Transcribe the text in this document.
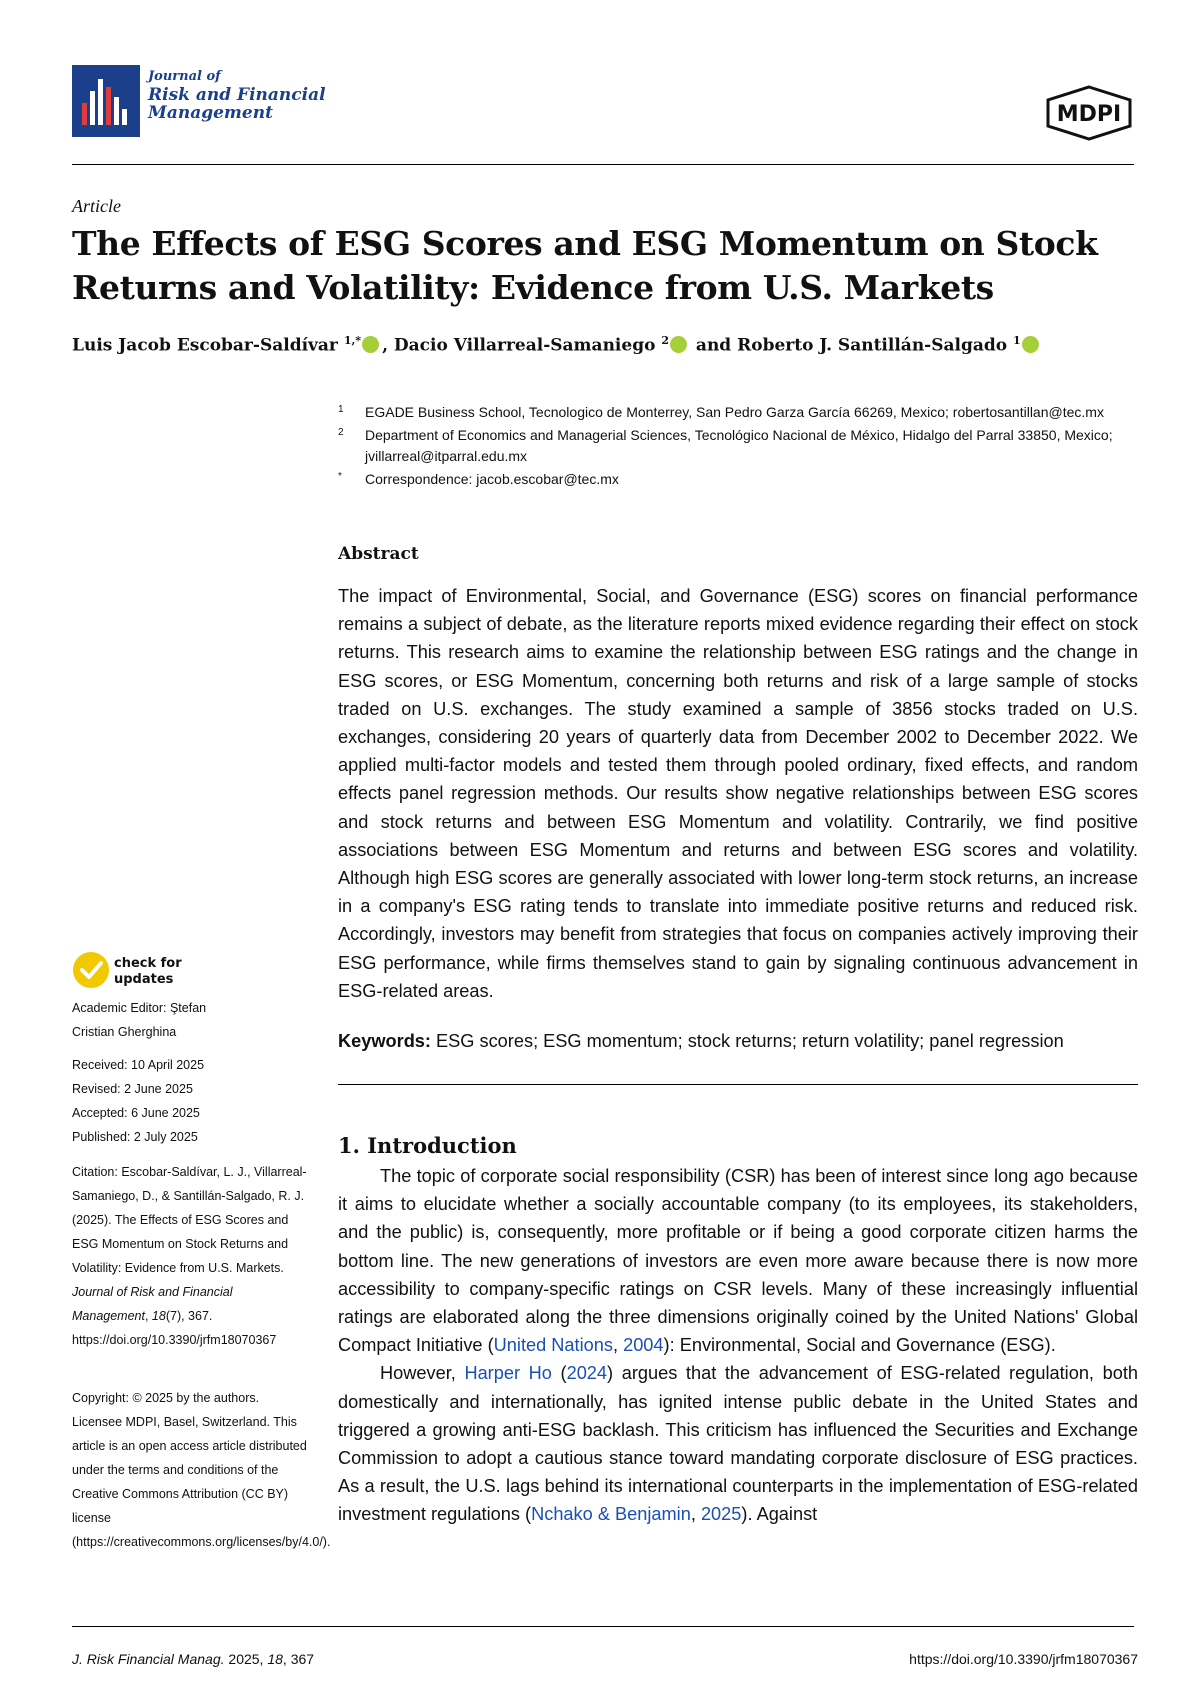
Journal of
Risk and Financial
Management	MDPI
Article
The Effects of ESG Scores and ESG Momentum on Stock Returns and Volatility: Evidence from U.S. Markets
Luis Jacob Escobar-Saldívar $^{1,*}$ , Dacio Villarreal-Samaniego $^2$ and Roberto J. Santillán-Salgado $^1$
1 EGADE Business School, Tecnologico de Monterrey, San Pedro Garza García 66269, Mexico; robertosantillan@tec.mx
2 Department of Economics and Managerial Sciences, Tecnológico Nacional de México, Hidalgo del Parral 33850, Mexico; jvillarreal@itparral.edu.mx
* Correspondence: jacob.escobar@tec.mx
Abstract
The impact of Environmental, Social, and Governance (ESG) scores on financial performance remains a subject of debate, as the literature reports mixed evidence regarding their effect on stock returns. This research aims to examine the relationship between ESG ratings and the change in ESG scores, or ESG Momentum, concerning both returns and risk of a large sample of stocks traded on U.S. exchanges. The study examined a sample of 3856 stocks traded on U.S. exchanges, considering 20 years of quarterly data from December 2002 to December 2022. We applied multi-factor models and tested them through pooled ordinary, fixed effects, and random effects panel regression methods. Our results show negative relationships between ESG scores and stock returns and between ESG Momentum and volatility. Contrarily, we find positive associations between ESG Momentum and returns and between ESG scores and volatility. Although high ESG scores are generally associated with lower long-term stock returns, an increase in a company's ESG rating tends to translate into immediate positive returns and reduced risk. Accordingly, investors may benefit from strategies that focus on companies actively improving their ESG performance, while firms themselves stand to gain by signaling continuous advancement in ESG-related areas.
Keywords: ESG scores; ESG momentum; stock returns; return volatility; panel regression
1. Introduction

The topic of corporate social responsibility (CSR) has been of interest since long ago because it aims to elucidate whether a socially accountable company (to its employees, its stakeholders, and the public) is, consequently, more profitable or if being a good corporate citizen harms the bottom line. The new generations of investors are even more aware because there is now more accessibility to company-specific ratings on CSR levels. Many of these increasingly influential ratings are elaborated along the three dimensions originally coined by the United Nations' Global Compact Initiative (United Nations, 2004): Environmental, Social and Governance (ESG).

However, Harper Ho (2024) argues that the advancement of ESG-related regulation, both domestically and internationally, has ignited intense public debate in the United States and triggered a growing anti-ESG backlash. This criticism has influenced the Securities and Exchange Commission to adopt a cautious stance toward mandating corporate disclosure of ESG practices. As a result, the U.S. lags behind its international counterparts in the implementation of ESG-related investment regulations (Nchako & Benjamin, 2025). Against

check for
updates
Academic Editor: Ştefan
Cristian Gherghina
Received: 10 April 2025
Revised: 2 June 2025
Accepted: 6 June 2025
Published: 2 July 2025
Citation: Escobar-Saldívar, L. J., Villarreal-Samaniego, D., & Santillán-Salgado, R. J. (2025). The Effects of ESG Scores and ESG Momentum on Stock Returns and Volatility: Evidence from U.S. Markets. Journal of Risk and Financial Management, 18(7), 367. https://doi.org/10.3390/jrfm18070367
Copyright: © 2025 by the authors. Licensee MDPI, Basel, Switzerland. This article is an open access article distributed under the terms and conditions of the Creative Commons Attribution (CC BY) license (https://creativecommons.org/licenses/by/4.0/).
J. Risk Financial Manag. 2025, 18, 367	https://doi.org/10.3390/jrfm18070367
